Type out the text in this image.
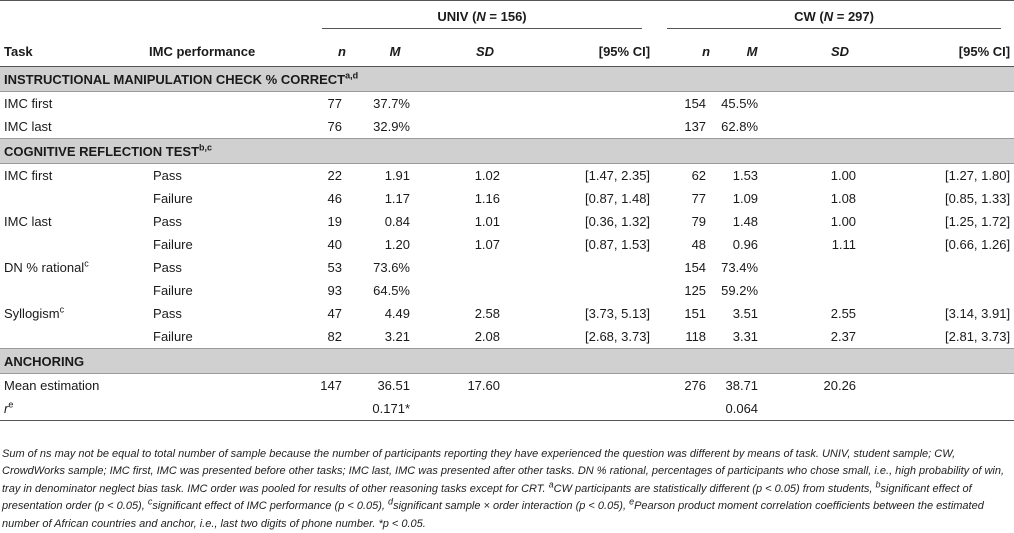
		UNIV (N = 156)				CW (N = 297)			
Task	IMC performance	n	M	SD	[95% CI]	n	M	SD	[95% CI]
INSTRUCTIONAL MANIPULATION CHECK % CORRECT$^{a,d}$
IMC first		77	37.7%			154	45.5%		
IMC last		76	32.9%			137	62.8%		
COGNITIVE REFLECTION TEST$^{b,c}$
IMC first	Pass	22	1.91	1.02	[1.47, 2.35]	62	1.53	1.00	[1.27, 1.80]
	Failure	46	1.17	1.16	[0.87, 1.48]	77	1.09	1.08	[0.85, 1.33]
IMC last	Pass	19	0.84	1.01	[0.36, 1.32]	79	1.48	1.00	[1.25, 1.72]
	Failure	40	1.20	1.07	[0.87, 1.53]	48	0.96	1.11	[0.66, 1.26]
DN % rational$^c$	Pass	53	73.6%			154	73.4%		
	Failure	93	64.5%			125	59.2%		
Syllogism$^c$	Pass	47	4.49	2.58	[3.73, 5.13]	151	3.51	2.55	[3.14, 3.91]
	Failure	82	3.21	2.08	[2.68, 3.73]	118	3.31	2.37	[2.81, 3.73]
ANCHORING									
Mean estimation		147	36.51	17.60		276	38.71	20.26	
$r^e$			0.171*				0.064		
Sum of ns may not be equal to total number of sample because the number of participants reporting they have experienced the question was different by means of task. UNIV, student sample; CW, CrowdWorks sample; IMC first, IMC was presented before other tasks; IMC last, IMC was presented after other tasks. DN % rational, percentages of participants who chose small, i.e., high probability of win, tray in denominator neglect bias task. IMC order was pooled for results of other reasoning tasks except for CRT. $^a$CW participants are statistically different (p < 0.05) from students, $^b$significant effect of presentation order (p < 0.05), $^c$significant effect of IMC performance (p < 0.05), $^d$significant sample × order interaction (p < 0.05), $^e$Pearson product moment correlation coefficients between the estimated number of African countries and anchor, i.e., last two digits of phone number. *p < 0.05.
